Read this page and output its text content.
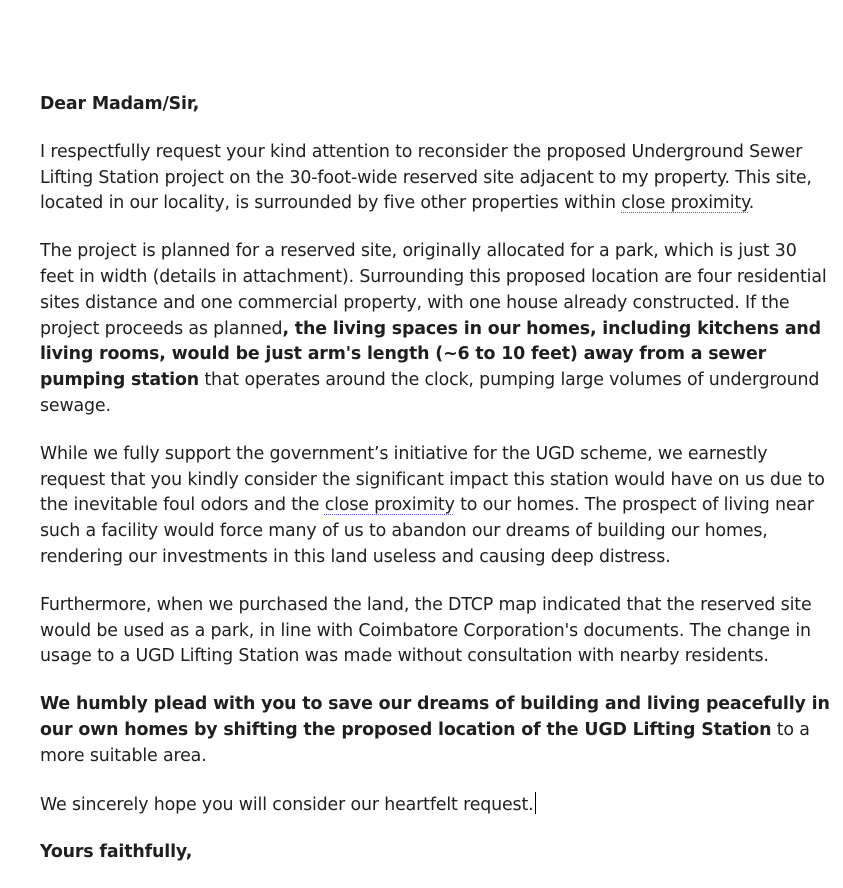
Dear Madam/Sir,

I respectfully request your kind attention to reconsider the proposed Underground Sewer Lifting Station project on the 30-foot-wide reserved site adjacent to my property. This site, located in our locality, is surrounded by five other properties within close proximity.

The project is planned for a reserved site, originally allocated for a park, which is just 30 feet in width (details in attachment). Surrounding this proposed location are four residential sites distance and one commercial property, with one house already constructed. If the project proceeds as planned, the living spaces in our homes, including kitchens and living rooms, would be just arm's length (~6 to 10 feet) away from a sewer pumping station that operates around the clock, pumping large volumes of underground sewage.

While we fully support the government’s initiative for the UGD scheme, we earnestly request that you kindly consider the significant impact this station would have on us due to the inevitable foul odors and the close proximity to our homes. The prospect of living near such a facility would force many of us to abandon our dreams of building our homes, rendering our investments in this land useless and causing deep distress.

Furthermore, when we purchased the land, the DTCP map indicated that the reserved site would be used as a park, in line with Coimbatore Corporation's documents. The change in usage to a UGD Lifting Station was made without consultation with nearby residents.

We humbly plead with you to save our dreams of building and living peacefully in our own homes by shifting the proposed location of the UGD Lifting Station to a more suitable area.

We sincerely hope you will consider our heartfelt request.

Yours faithfully,
